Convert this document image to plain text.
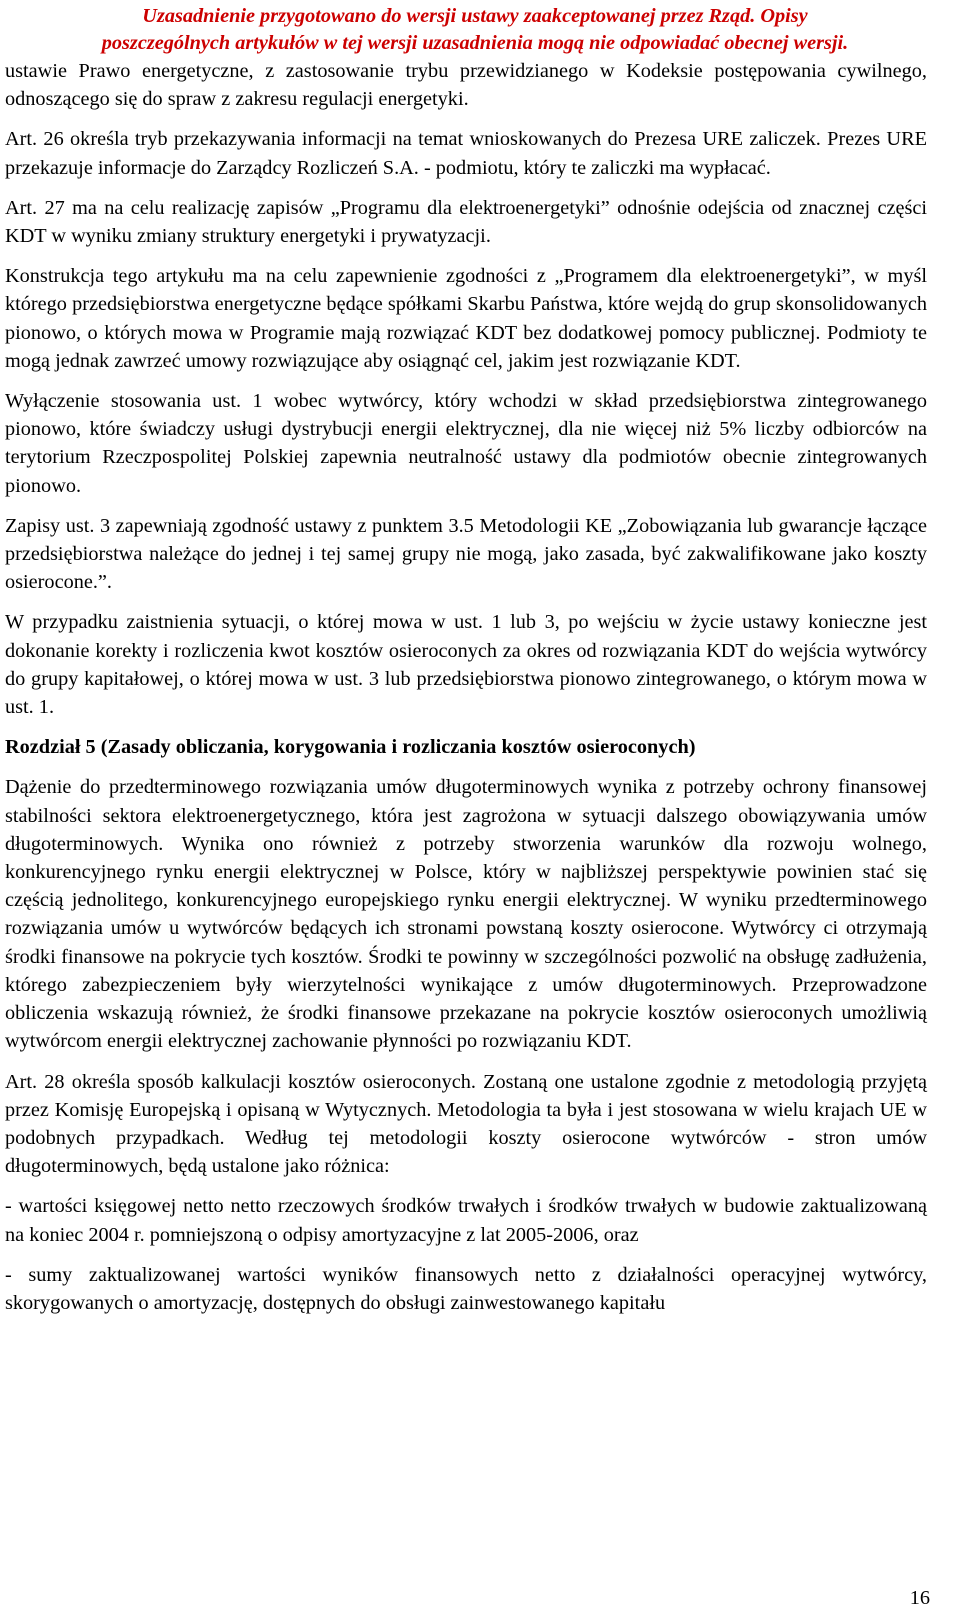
Uzasadnienie przygotowano do wersji ustawy zaakceptowanej przez Rząd. Opisy
poszczególnych artykułów w tej wersji uzasadnienia mogą nie odpowiadać obecnej wersji.

ustawie Prawo energetyczne, z zastosowanie trybu przewidzianego w Kodeksie postępowania cywilnego, odnoszącego się do spraw z zakresu regulacji energetyki.

Art. 26 określa tryb przekazywania informacji na temat wnioskowanych do Prezesa URE zaliczek. Prezes URE przekazuje informacje do Zarządcy Rozliczeń S.A. - podmiotu, który te zaliczki ma wypłacać.

Art. 27 ma na celu realizację zapisów „Programu dla elektroenergetyki” odnośnie odejścia od znacznej części KDT w wyniku zmiany struktury energetyki i prywatyzacji.

Konstrukcja tego artykułu ma na celu zapewnienie zgodności z „Programem dla elektroenergetyki”, w myśl którego przedsiębiorstwa energetyczne będące spółkami Skarbu Państwa, które wejdą do grup skonsolidowanych pionowo, o których mowa w Programie mają rozwiązać KDT bez dodatkowej pomocy publicznej. Podmioty te mogą jednak zawrzeć umowy rozwiązujące aby osiągnąć cel, jakim jest rozwiązanie KDT.

Wyłączenie stosowania ust. 1 wobec wytwórcy, który wchodzi w skład przedsiębiorstwa zintegrowanego pionowo, które świadczy usługi dystrybucji energii elektrycznej, dla nie więcej niż 5% liczby odbiorców na terytorium Rzeczpospolitej Polskiej zapewnia neutralność ustawy dla podmiotów obecnie zintegrowanych pionowo.

Zapisy ust. 3 zapewniają zgodność ustawy z punktem 3.5 Metodologii KE „Zobowiązania lub gwarancje łączące przedsiębiorstwa należące do jednej i tej samej grupy nie mogą, jako zasada, być zakwalifikowane jako koszty osierocone.”.

W przypadku zaistnienia sytuacji, o której mowa w ust. 1 lub 3, po wejściu w życie ustawy konieczne jest dokonanie korekty i rozliczenia kwot kosztów osieroconych za okres od rozwiązania KDT do wejścia wytwórcy do grupy kapitałowej, o której mowa w ust. 3 lub przedsiębiorstwa pionowo zintegrowanego, o którym mowa w ust. 1.

Rozdział 5 (Zasady obliczania, korygowania i rozliczania kosztów osieroconych)

Dążenie do przedterminowego rozwiązania umów długoterminowych wynika z potrzeby ochrony finansowej stabilności sektora elektroenergetycznego, która jest zagrożona w sytuacji dalszego obowiązywania umów długoterminowych. Wynika ono również z potrzeby stworzenia warunków dla rozwoju wolnego, konkurencyjnego rynku energii elektrycznej w Polsce, który w najbliższej perspektywie powinien stać się częścią jednolitego, konkurencyjnego europejskiego rynku energii elektrycznej. W wyniku przedterminowego rozwiązania umów u wytwórców będących ich stronami powstaną koszty osierocone. Wytwórcy ci otrzymają środki finansowe na pokrycie tych kosztów. Środki te powinny w szczególności pozwolić na obsługę zadłużenia, którego zabezpieczeniem były wierzytelności wynikające z umów długoterminowych. Przeprowadzone obliczenia wskazują również, że środki finansowe przekazane na pokrycie kosztów osieroconych umożliwią wytwórcom energii elektrycznej zachowanie płynności po rozwiązaniu KDT.

Art. 28 określa sposób kalkulacji kosztów osieroconych. Zostaną one ustalone zgodnie z metodologią przyjętą przez Komisję Europejską i opisaną w Wytycznych. Metodologia ta była i jest stosowana w wielu krajach UE w podobnych przypadkach. Według tej metodologii koszty osierocone wytwórców - stron umów długoterminowych, będą ustalone jako różnica:

- wartości księgowej netto netto rzeczowych środków trwałych i środków trwałych w budowie zaktualizowaną na koniec 2004 r. pomniejszoną o odpisy amortyzacyjne z lat 2005-2006, oraz

- sumy zaktualizowanej wartości wyników finansowych netto z działalności operacyjnej wytwórcy, skorygowanych o amortyzację, dostępnych do obsługi zainwestowanego kapitału

16
